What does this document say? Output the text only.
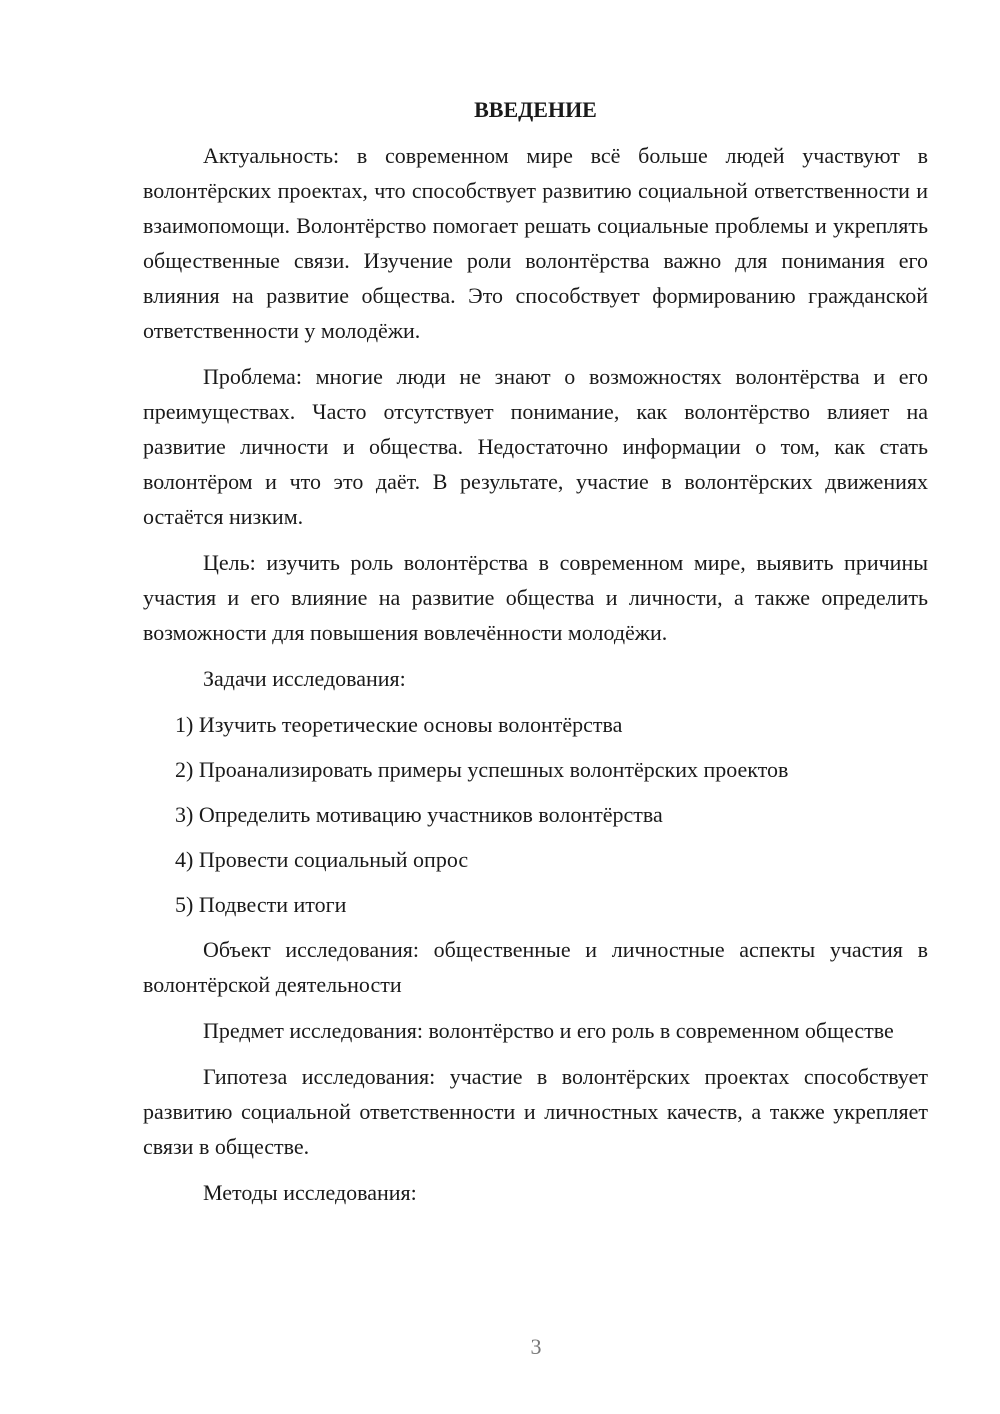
ВВЕДЕНИЕ

Актуальность: в современном мире всё больше людей участвуют в волонтёрских проектах, что способствует развитию социальной ответственности и взаимопомощи. Волонтёрство помогает решать социальные проблемы и укреплять общественные связи. Изучение роли волонтёрства важно для понимания его влияния на развитие общества. Это способствует формированию гражданской ответственности у молодёжи.

Проблема: многие люди не знают о возможностях волонтёрства и его преимуществах. Часто отсутствует понимание, как волонтёрство влияет на развитие личности и общества. Недостаточно информации о том, как стать волонтёром и что это даёт. В результате, участие в волонтёрских движениях остаётся низким.

Цель: изучить роль волонтёрства в современном мире, выявить причины участия и его влияние на развитие общества и личности, а также определить возможности для повышения вовлечённости молодёжи.

Задачи исследования:

1) Изучить теоретические основы волонтёрства

2) Проанализировать примеры успешных волонтёрских проектов

3) Определить мотивацию участников волонтёрства

4) Провести социальный опрос

5) Подвести итоги

Объект исследования: общественные и личностные аспекты участия в волонтёрской деятельности

Предмет исследования: волонтёрство и его роль в современном обществе

Гипотеза исследования: участие в волонтёрских проектах способствует развитию социальной ответственности и личностных качеств, а также укрепляет связи в обществе.

Методы исследования:

3
